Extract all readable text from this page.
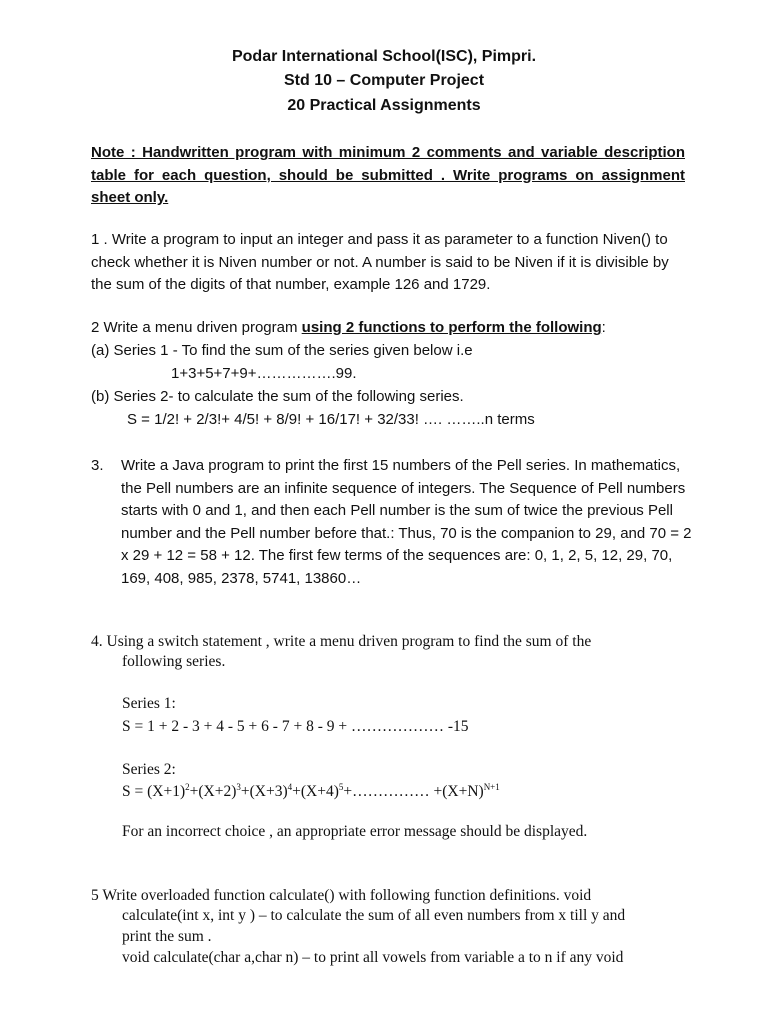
Podar International School(ISC), Pimpri.
Std 10 – Computer Project
20 Practical Assignments
Note : Handwritten program with minimum 2 comments and variable description table for each question, should be submitted . Write programs on assignment sheet only.

1 . Write a program to input an integer and pass it as parameter to a function Niven() to check whether it is Niven number or not. A number is said to be Niven if it is divisible by the sum of the digits of that number, example 126 and 1729.

2 Write a menu driven program using 2 functions to perform the following:
(a) Series 1 - To find the sum of the series given below i.e
1+3+5+7+9+…………….99.
(b) Series 2- to calculate the sum of the following series.
S = 1/2! + 2/3!+ 4/5! + 8/9! + 16/17! + 32/33! …. ……..n terms
3. Write a Java program to print the first 15 numbers of the Pell series. In mathematics, the Pell numbers are an infinite sequence of integers. The Sequence of Pell numbers starts with 0 and 1, and then each Pell number is the sum of twice the previous Pell number and the Pell number before that.: Thus, 70 is the companion to 29, and 70 = 2 x 29 + 12 = 58 + 12. The first few terms of the sequences are: 0, 1, 2, 5, 12, 29, 70, 169, 408, 985, 2378, 5741, 13860…
4. Using a switch statement , write a menu driven program to find the sum of the
following series.
Series 1:
S = 1 + 2 - 3 + 4 - 5 + 6 - 7 + 8 - 9 + ……………… -15
Series 2:
$S = (X+1)^2+(X+2)^3+(X+3)^4+(X+4)^5+\dots\dots\dots\dots\dots +(X+N)^{N+1}$
For an incorrect choice , an appropriate error message should be displayed.
5 Write overloaded function calculate() with following function definitions. void
calculate(int x, int y ) – to calculate the sum of all even numbers from x till y and
print the sum .
void calculate(char a,char n) – to print all vowels from variable a to n if any void
